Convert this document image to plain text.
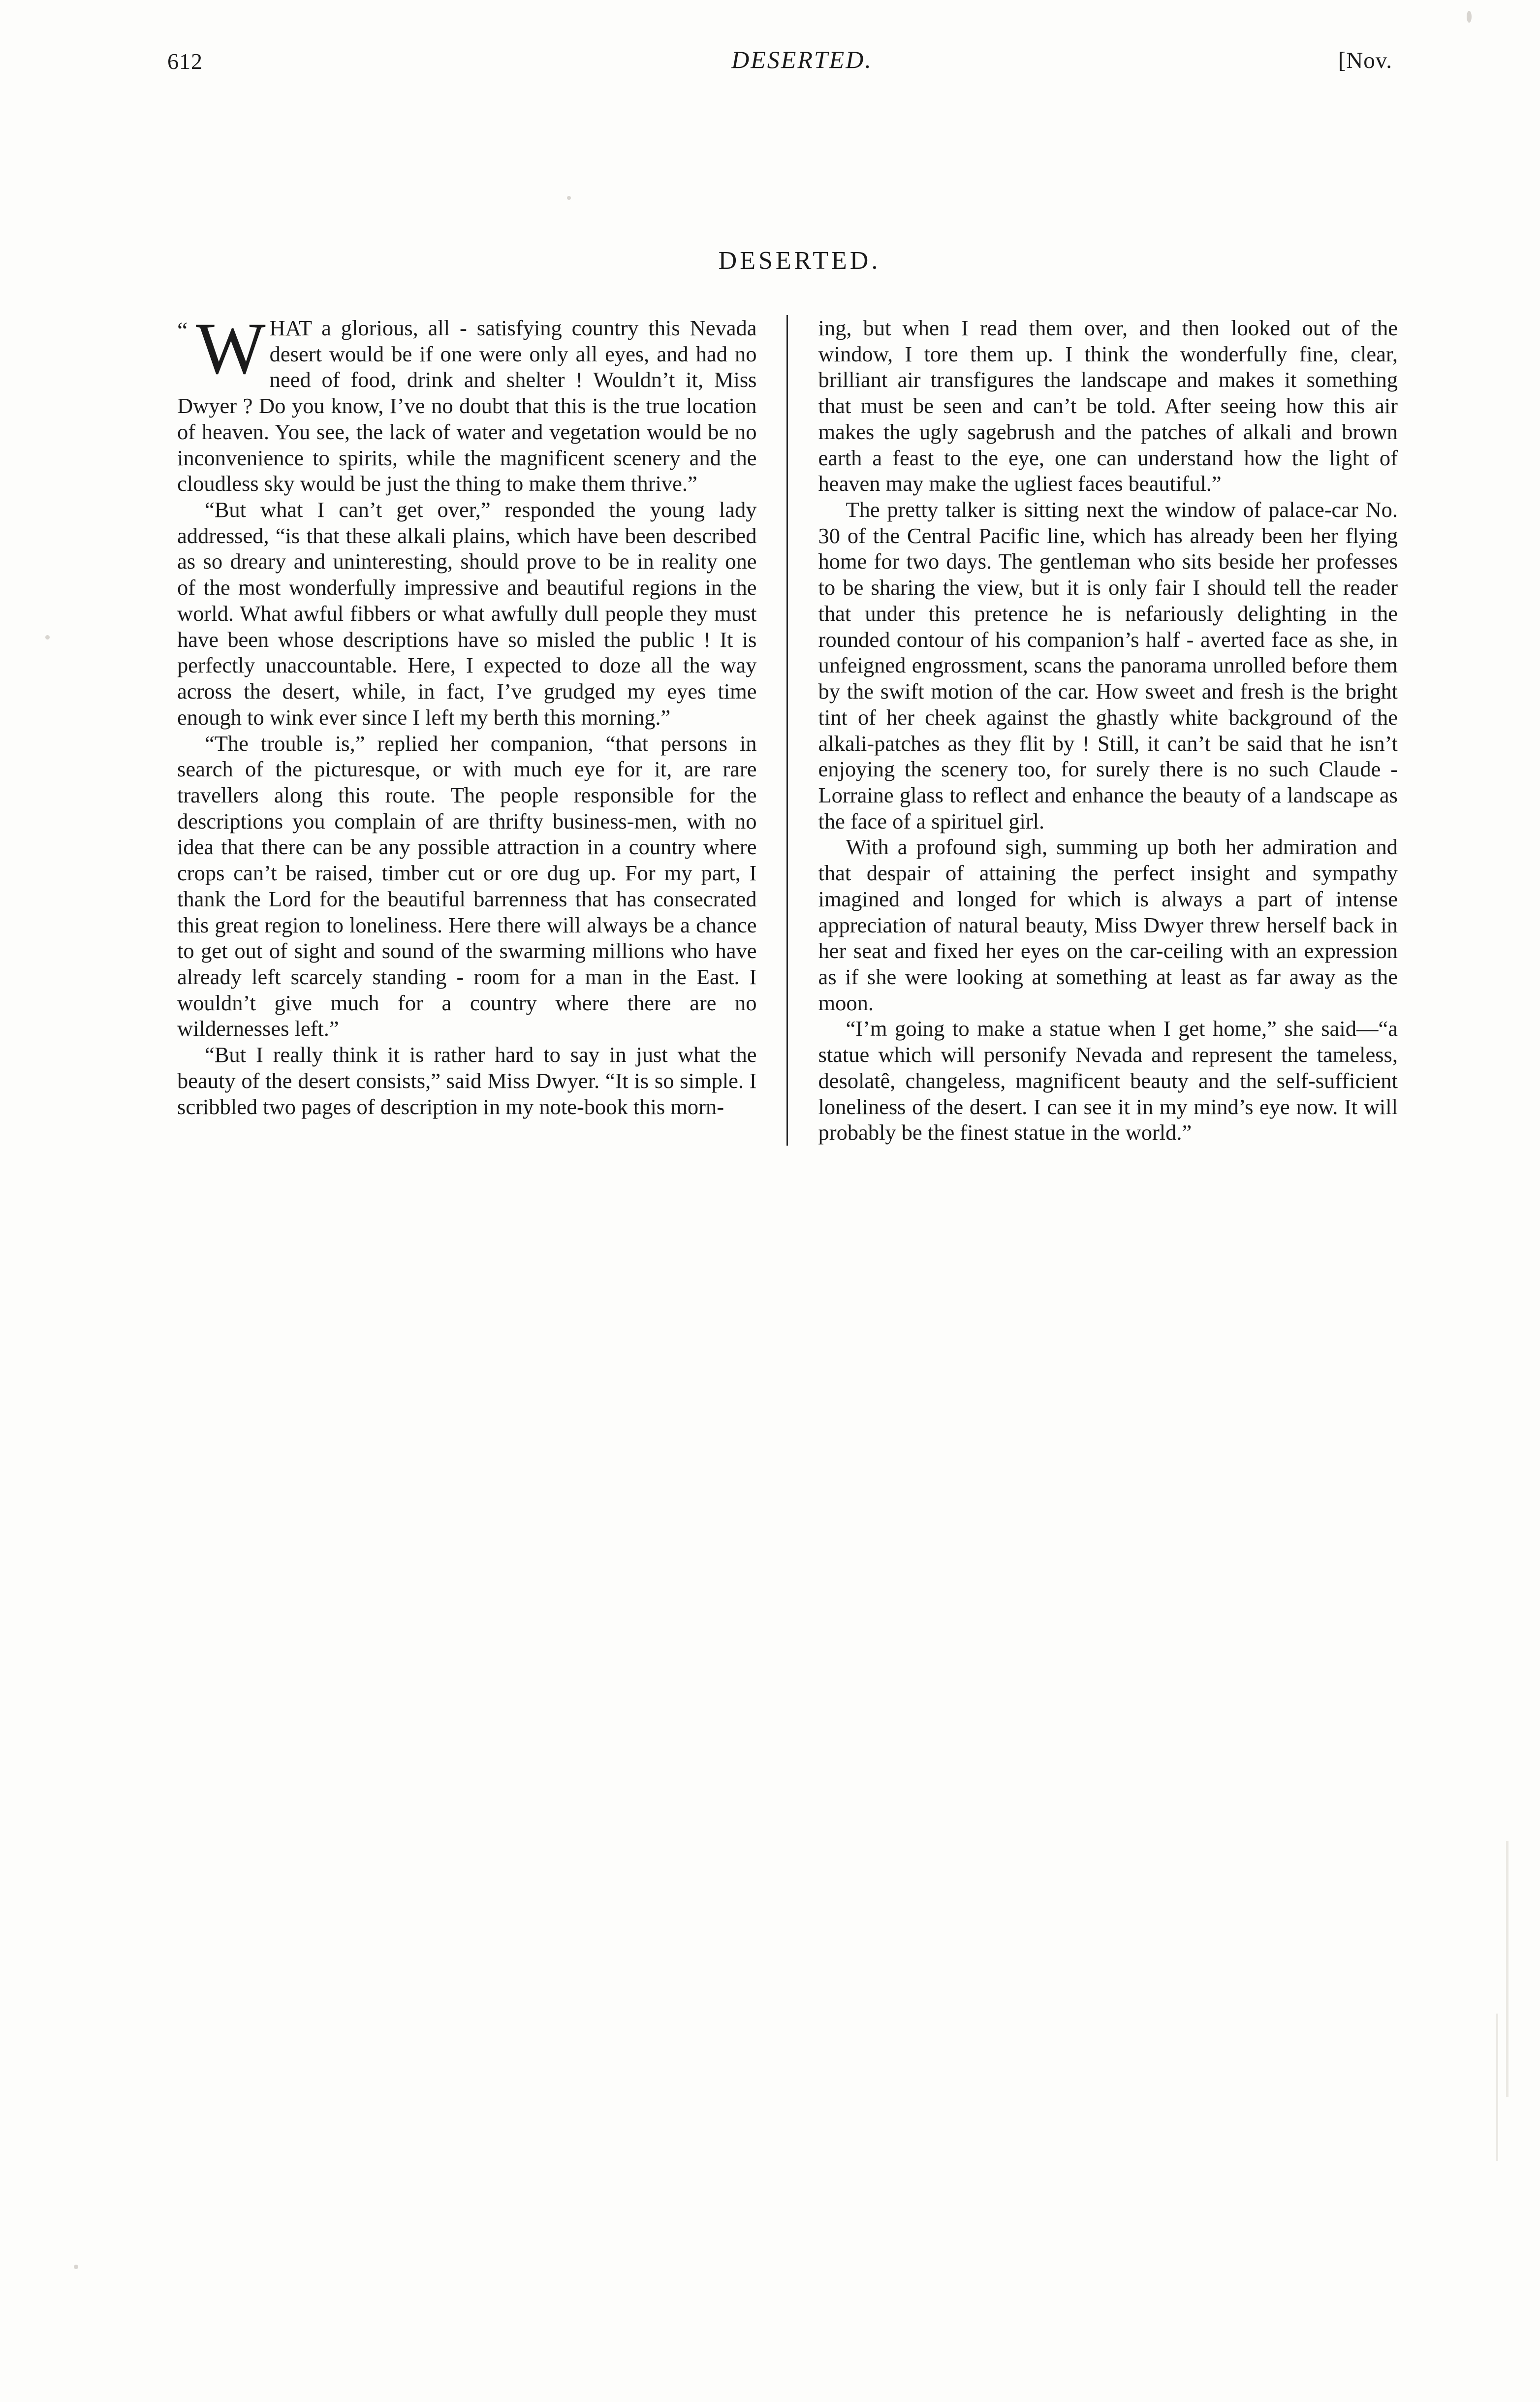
612	DESERTED.	[Nov.
DESERTED.

“ W HAT a glorious, all - satisfying country this Nevada desert would be if one were only all eyes, and had no need of food, drink and shelter ! Wouldn’t it, Miss Dwyer ? Do you know, I’ve no doubt that this is the true location of heaven. You see, the lack of water and vegetation would be no inconvenience to spirits, while the magnificent scenery and the cloudless sky would be just the thing to make them thrive.”

“But what I can’t get over,” responded the young lady addressed, “is that these alkali plains, which have been described as so dreary and uninteresting, should prove to be in reality one of the most wonderfully impressive and beautiful regions in the world. What awful fibbers or what awfully dull people they must have been whose descriptions have so misled the public ! It is perfectly unaccountable. Here, I expected to doze all the way across the desert, while, in fact, I’ve grudged my eyes time enough to wink ever since I left my berth this morning.”

“The trouble is,” replied her companion, “that persons in search of the picturesque, or with much eye for it, are rare travellers along this route. The people responsible for the descriptions you complain of are thrifty business-men, with no idea that there can be any possible attraction in a country where crops can’t be raised, timber cut or ore dug up. For my part, I thank the Lord for the beautiful barrenness that has consecrated this great region to loneliness. Here there will always be a chance to get out of sight and sound of the swarming millions who have already left scarcely standing - room for a man in the East. I wouldn’t give much for a country where there are no wildernesses left.”

“But I really think it is rather hard to say in just what the beauty of the desert consists,” said Miss Dwyer. “It is so simple. I scribbled two pages of description in my note-book this morn-

ing, but when I read them over, and then looked out of the window, I tore them up. I think the wonderfully fine, clear, brilliant air transfigures the landscape and makes it something that must be seen and can’t be told. After seeing how this air makes the ugly sagebrush and the patches of alkali and brown earth a feast to the eye, one can understand how the light of heaven may make the ugliest faces beautiful.”

The pretty talker is sitting next the window of palace-car No. 30 of the Central Pacific line, which has already been her flying home for two days. The gentleman who sits beside her professes to be sharing the view, but it is only fair I should tell the reader that under this pretence he is nefariously delighting in the rounded contour of his companion’s half - averted face as she, in unfeigned engrossment, scans the panorama unrolled before them by the swift motion of the car. How sweet and fresh is the bright tint of her cheek against the ghastly white background of the alkali-patches as they flit by ! Still, it can’t be said that he isn’t enjoying the scenery too, for surely there is no such Claude - Lorraine glass to reflect and enhance the beauty of a landscape as the face of a spirituel girl.

With a profound sigh, summing up both her admiration and that despair of attaining the perfect insight and sympathy imagined and longed for which is always a part of intense appreciation of natural beauty, Miss Dwyer threw herself back in her seat and fixed her eyes on the car-ceiling with an expression as if she were looking at something at least as far away as the moon.

“I’m going to make a statue when I get home,” she said—“a statue which will personify Nevada and represent the tameless, desolatê, changeless, magnificent beauty and the self-sufficient loneliness of the desert. I can see it in my mind’s eye now. It will probably be the finest statue in the world.”
